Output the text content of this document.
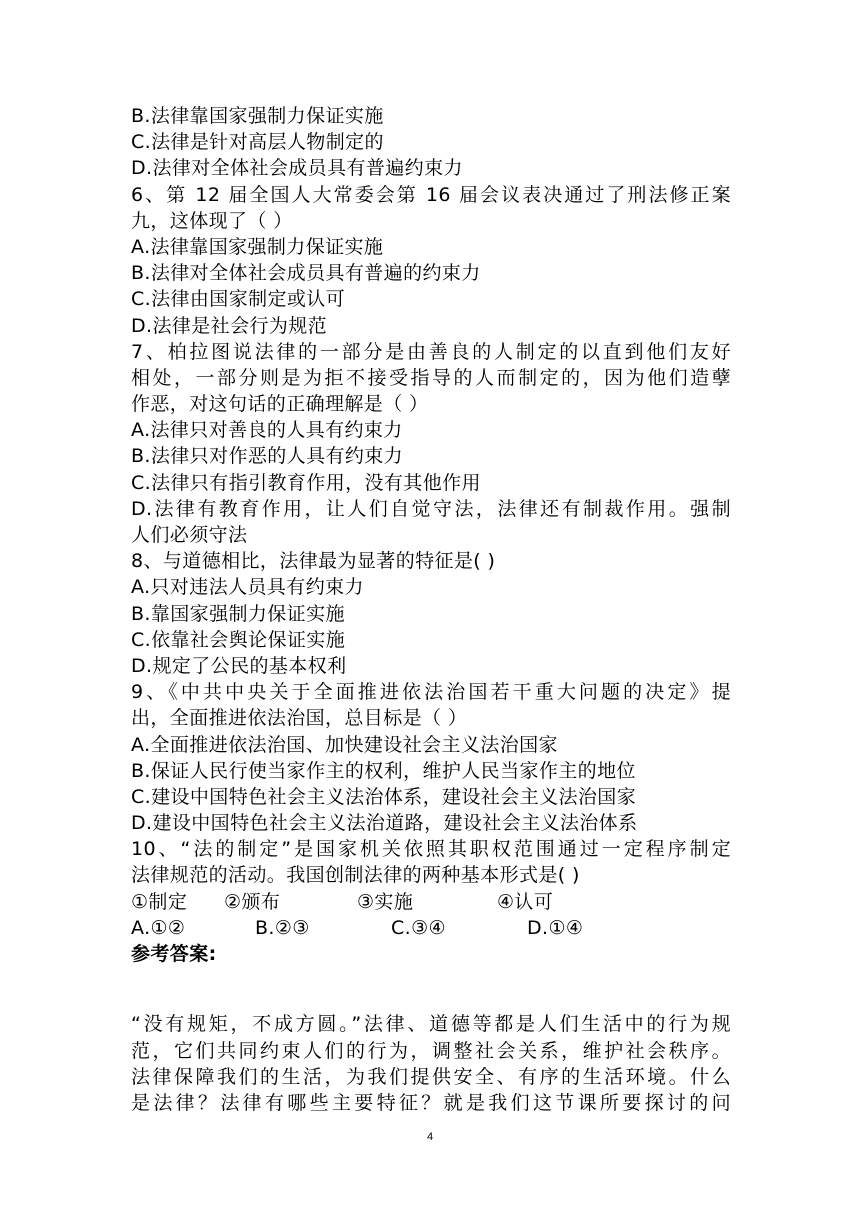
B.法律靠国家强制力保证实施
C.法律是针对高层人物制定的
D.法律对全体社会成员具有普遍约束力
6、第 12 届全国人大常委会第 16 届会议表决通过了刑法修正案
九，这体现了（ ）
A.法律靠国家强制力保证实施
B.法律对全体社会成员具有普遍的约束力
C.法律由国家制定或认可
D.法律是社会行为规范
7、柏拉图说法律的一部分是由善良的人制定的以直到他们友好
相处，一部分则是为拒不接受指导的人而制定的，因为他们造孽
作恶，对这句话的正确理解是（ ）
A.法律只对善良的人具有约束力
B.法律只对作恶的人具有约束力
C.法律只有指引教育作用，没有其他作用
D.法律有教育作用，让人们自觉守法，法律还有制裁作用。强制
人们必须守法
8、与道德相比，法律最为显著的特征是( )
A.只对违法人员具有约束力
B.靠国家强制力保证实施
C.依靠社会舆论保证实施
D.规定了公民的基本权利
9、《中共中央关于全面推进依法治国若干重大问题的决定》提
出，全面推进依法治国，总目标是（ ）
A.全面推进依法治国、加快建设社会主义法治国家
B.保证人民行使当家作主的权利，维护人民当家作主的地位
C.建设中国特色社会主义法治体系，建设社会主义法治国家
D.建设中国特色社会主义法治道路，建设社会主义法治体系
10、“法的制定”是国家机关依照其职权范围通过一定程序制定
法律规范的活动。我国创制法律的两种基本形式是( )
①制定	②颁布	③实施	④认可
A.①②	B.②③	C.③④	D.①④
参考答案:
“没有规矩，不成方圆。”法律、道德等都是人们生活中的行为规
范，它们共同约束人们的行为，调整社会关系，维护社会秩序。
法律保障我们的生活，为我们提供安全、有序的生活环境。什么
是法律？法律有哪些主要特征？就是我们这节课所要探讨的问
4
